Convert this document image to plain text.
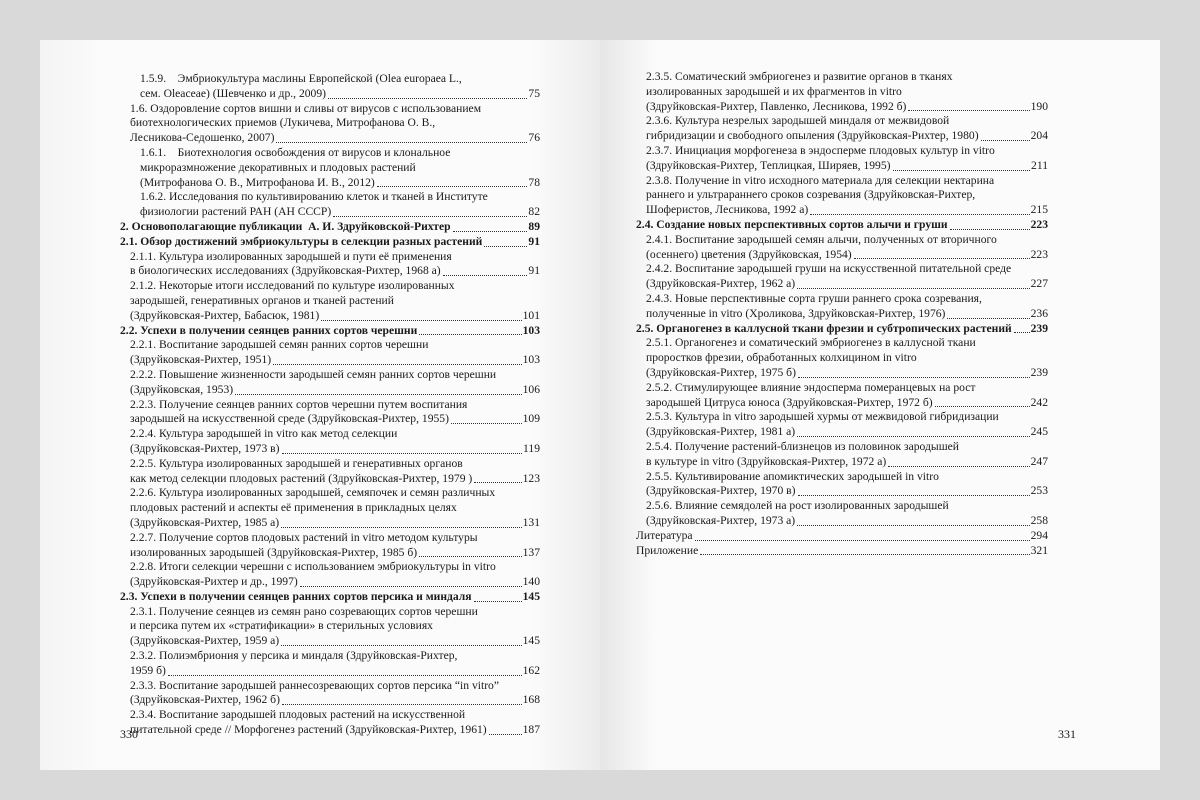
1.5.9.    Эмбриокультура маслины Европейской (Olea europaea L.,
сем. Oleaceae) (Шевченко и др., 2009)	75
1.6. Оздоровление сортов вишни и сливы от вирусов с использованием
биотехнологических приемов (Лукичева, Митрофанова О. В.,
Лесникова-Седошенко, 2007)	76
1.6.1.    Биотехнология освобождения от вирусов и клональное
микроразмножение декоративных и плодовых растений
(Митрофанова О. В., Митрофанова И. В., 2012)	78
1.6.2. Исследования по культивированию клеток и тканей в Институте
физиологии растений РАН (АН СССР)	82
2. Основополагающие публикации  А. И. Здруйковской-Рихтер	89
2.1. Обзор достижений эмбриокультуры в селекции разных растений	91
2.1.1. Культура изолированных зародышей и пути её применения
в биологических исследованиях (Здруйковская-Рихтер, 1968 а)	91
2.1.2. Некоторые итоги исследований по культуре изолированных
зародышей, генеративных органов и тканей растений
(Здруйковская-Рихтер, Бабасюк, 1981)	101
2.2. Успехи в получении сеянцев ранних сортов черешни	103
2.2.1. Воспитание зародышей семян ранних сортов черешни
(Здруйковская-Рихтер, 1951)	103
2.2.2. Повышение жизненности зародышей семян ранних сортов черешни
(Здруйковская, 1953)	106
2.2.3. Получение сеянцев ранних сортов черешни путем воспитания
зародышей на искусственной среде (Здруйковская-Рихтер, 1955)	109
2.2.4. Культура зародышей in vitro как метод селекции
(Здруйковская-Рихтер, 1973 в)	119
2.2.5. Культура изолированных зародышей и генеративных органов
как метод селекции плодовых растений (Здруйковская-Рихтер, 1979 )	123
2.2.6. Культура изолированных зародышей, семяпочек и семян различных
плодовых растений и аспекты её применения в прикладных целях
(Здруйковская-Рихтер, 1985 а)	131
2.2.7. Получение сортов плодовых растений in vitro методом культуры
изолированных зародышей (Здруйковская-Рихтер, 1985 б)	137
2.2.8. Итоги селекции черешни с использованием эмбриокультуры in vitro
(Здруйковская-Рихтер и др., 1997)	140
2.3. Успехи в получении сеянцев ранних сортов персика и миндаля	145
2.3.1. Получение сеянцев из семян рано созревающих сортов черешни
и персика путем их «стратификации» в стерильных условиях
(Здруйковская-Рихтер, 1959 а)	145
2.3.2. Полиэмбриония у персика и миндаля (Здруйковская-Рихтер,
1959 б)	162
2.3.3. Воспитание зародышей раннесозревающих сортов персика “in vitro”
(Здруйковская-Рихтер, 1962 б)	168
2.3.4. Воспитание зародышей плодовых растений на искусственной
питательной среде // Морфогенез растений (Здруйковская-Рихтер, 1961)	187
330
2.3.5. Соматический эмбриогенез и развитие органов в тканях
изолированных зародышей и их фрагментов in vitro
(Здруйковская-Рихтер, Павленко, Лесникова, 1992 б)	190
2.3.6. Культура незрелых зародышей миндаля от межвидовой
гибридизации и свободного опыления (Здруйковская-Рихтер, 1980)	204
2.3.7. Инициация морфогенеза в эндосперме плодовых культур in vitro
(Здруйковская-Рихтер, Теплицкая, Ширяев, 1995)	211
2.3.8. Получение in vitro исходного материала для селекции нектарина
раннего и ультрараннего сроков созревания (Здруйковская-Рихтер,
Шоферистов, Лесникова, 1992 а)	215
2.4. Создание новых перспективных сортов алычи и груши	223
2.4.1. Воспитание зародышей семян алычи, полученных от вторичного
(осеннего) цветения (Здруйковская, 1954)	223
2.4.2. Воспитание зародышей груши на искусственной питательной среде
(Здруйковская-Рихтер, 1962 а)	227
2.4.3. Новые перспективные сорта груши раннего срока созревания,
полученные in vitro (Хроликова, Здруйковская-Рихтер, 1976)	236
2.5. Органогенез в каллусной ткани фрезии и субтропических растений 239
2.5.1. Органогенез и соматический эмбриогенез в каллусной ткани
проростков фрезии, обработанных колхицином in vitro
(Здруйковская-Рихтер, 1975 б)	239
2.5.2. Стимулирующее влияние эндосперма померанцевых на рост
зародышей Цитруса юноса (Здруйковская-Рихтер, 1972 б)	242
2.5.3. Культура in vitro зародышей хурмы от межвидовой гибридизации
(Здруйковская-Рихтер, 1981 а)	245
2.5.4. Получение растений-близнецов из половинок зародышей
в культуре in vitro (Здруйковская-Рихтер, 1972 а)	247
2.5.5. Культивирование апомиктических зародышей in vitro
(Здруйковская-Рихтер, 1970 в)	253
2.5.6. Влияние семядолей на рост изолированных зародышей
(Здруйковская-Рихтер, 1973 а)	258
Литература	294
Приложение	321
331
